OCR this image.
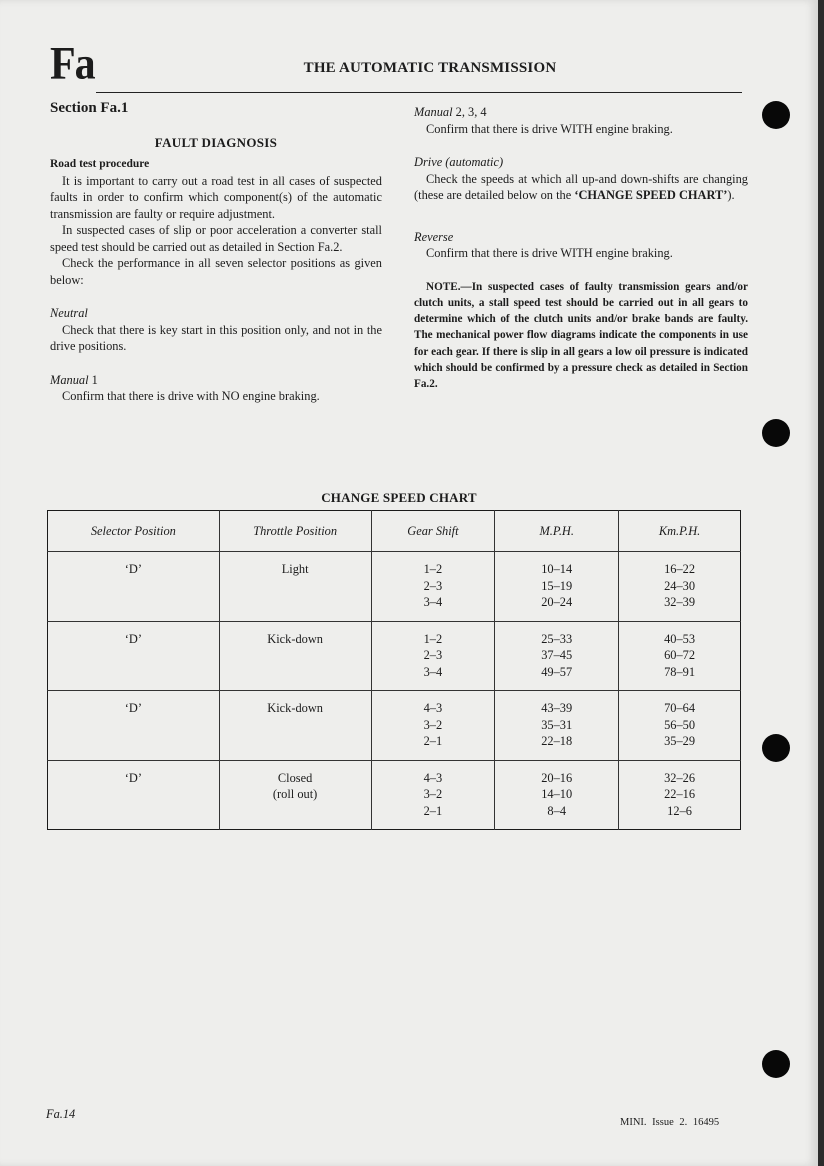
Fa	THE AUTOMATIC TRANSMISSION
Section Fa.1
FAULT DIAGNOSIS
Road test procedure

It is important to carry out a road test in all cases of suspected faults in order to confirm which component(s) of the automatic transmission are faulty or require adjustment.

In suspected cases of slip or poor acceleration a converter stall speed test should be carried out as detailed in Section Fa.2.

Check the performance in all seven selector positions as given below:

Neutral

Check that there is key start in this position only, and not in the drive positions.

Manual 1

Confirm that there is drive with NO engine braking.

Manual 2, 3, 4

Confirm that there is drive WITH engine braking.

Drive (automatic)

Check the speeds at which all up-and down-shifts are changing (these are detailed below on the ‘CHANGE SPEED CHART’).

Reverse

Confirm that there is drive WITH engine braking.

NOTE.—In suspected cases of faulty transmission gears and/or clutch units, a stall speed test should be carried out in all gears to determine which of the clutch units and/or brake bands are faulty. The mechanical power flow diagrams indicate the components in use for each gear. If there is slip in all gears a low oil pressure is indicated which should be confirmed by a pressure check as detailed in Section Fa.2.
CHANGE SPEED CHART
Selector Position	Throttle Position	Gear Shift	M.P.H.	Km.P.H.
‘D’	Light	1–2
2–3
3–4	10–14
15–19
20–24	16–22
24–30
32–39

‘D’	Kick-down	1–2
2–3
3–4	25–33
37–45
49–57	40–53
60–72
78–91

‘D’	Kick-down	4–3
3–2
2–1	43–39
35–31
22–18	70–64
56–50
35–29

‘D’	Closed
(roll out)	4–3
3–2
2–1	20–16
14–10
8–4	32–26
22–16
12–6
Fa.14
MINI. Issue 2. 16495
